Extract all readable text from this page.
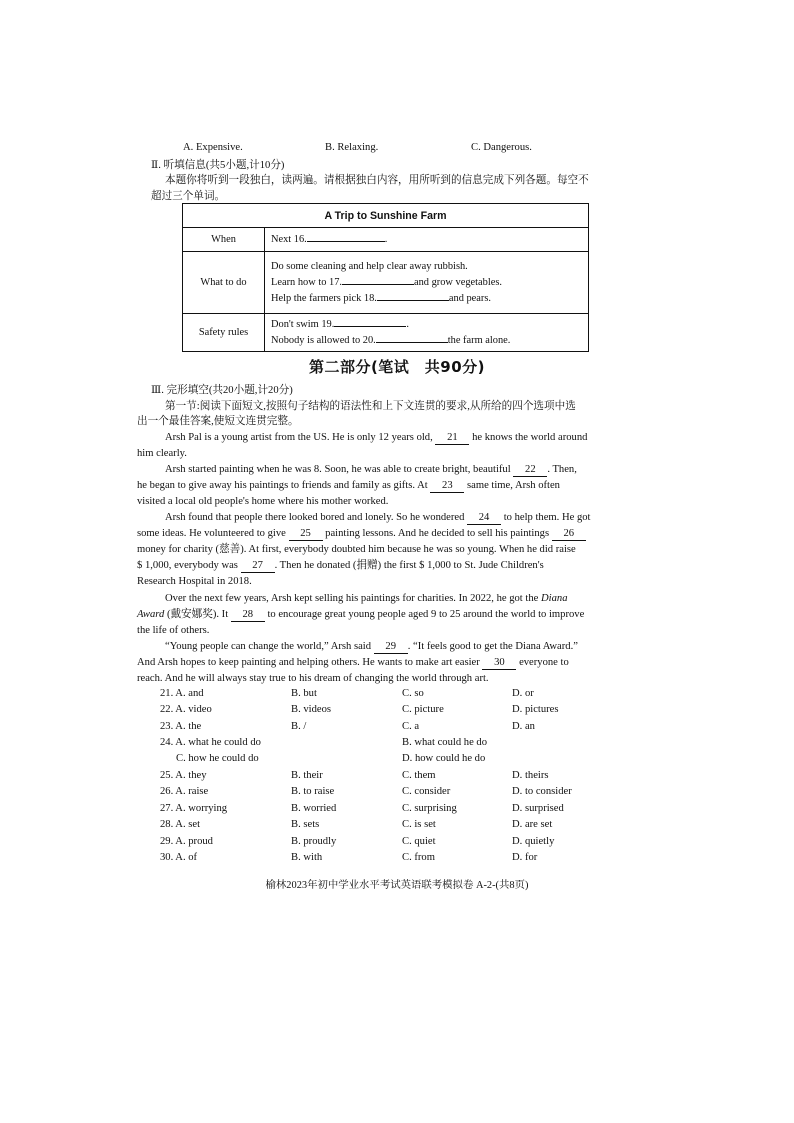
A. Expensive.	B. Relaxing.	C. Dangerous.
Ⅱ. 听填信息(共5小题,计10分)
本题你将听到一段独白，读两遍。请根据独白内容，用所听到的信息完成下列各题。每空不
超过三个单词。
A Trip to Sunshine Farm	
When	Next 16. .
What to do	Do some cleaning and help clear away rubbish.
Learn how to 17. and grow vegetables.
Help the farmers pick 18. and pears.

Safety rules	Don't swim 19. .
Nobody is allowed to 20. the farm alone.
第二部分(笔试　共90分)
Ⅲ. 完形填空(共20小题,计20分)
第一节:阅读下面短文,按照句子结构的语法性和上下文连贯的要求,从所给的四个选项中选
出一个最佳答案,使短文连贯完整。
Arsh Pal is a young artist from the US. He is only 12 years old, 21 he knows the world around
him clearly.
Arsh started painting when he was 8. Soon, he was able to create bright, beautiful 22 . Then,
he began to give away his paintings to friends and family as gifts. At 23 same time, Arsh often
visited a local old people's home where his mother worked.
Arsh found that people there looked bored and lonely. So he wondered 24 to help them. He got
some ideas. He volunteered to give 25 painting lessons. And he decided to sell his paintings 26
money for charity (慈善). At first, everybody doubted him because he was so young. When he did raise
$ 1,000, everybody was 27 . Then he donated (捐赠) the first $ 1,000 to St. Jude Children's
Research Hospital in 2018.
Over the next few years, Arsh kept selling his paintings for charities. In 2022, he got the Diana
Award (戴安娜奖). It 28 to encourage great young people aged 9 to 25 around the world to improve
the life of others.
“Young people can change the world,” Arsh said 29 . “It feels good to get the Diana Award.”
And Arsh hopes to keep painting and helping others. He wants to make art easier 30 everyone to
reach. And he will always stay true to his dream of changing the world through art.
21. A. and	B. but	C. so	D. or
22. A. video	B. videos	C. picture	D. pictures
23. A. the	B. /	C. a	D. an
24. A. what he could do	B. what could he do
C. how he could do	D. how could he do
25. A. they	B. their	C. them	D. theirs
26. A. raise	B. to raise	C. consider	D. to consider
27. A. worrying	B. worried	C. surprising	D. surprised
28. A. set	B. sets	C. is set	D. are set
29. A. proud	B. proudly	C. quiet	D. quietly
30. A. of	B. with	C. from	D. for
榆林2023年初中学业水平考试英语联考模拟卷 A-2-(共8页)
